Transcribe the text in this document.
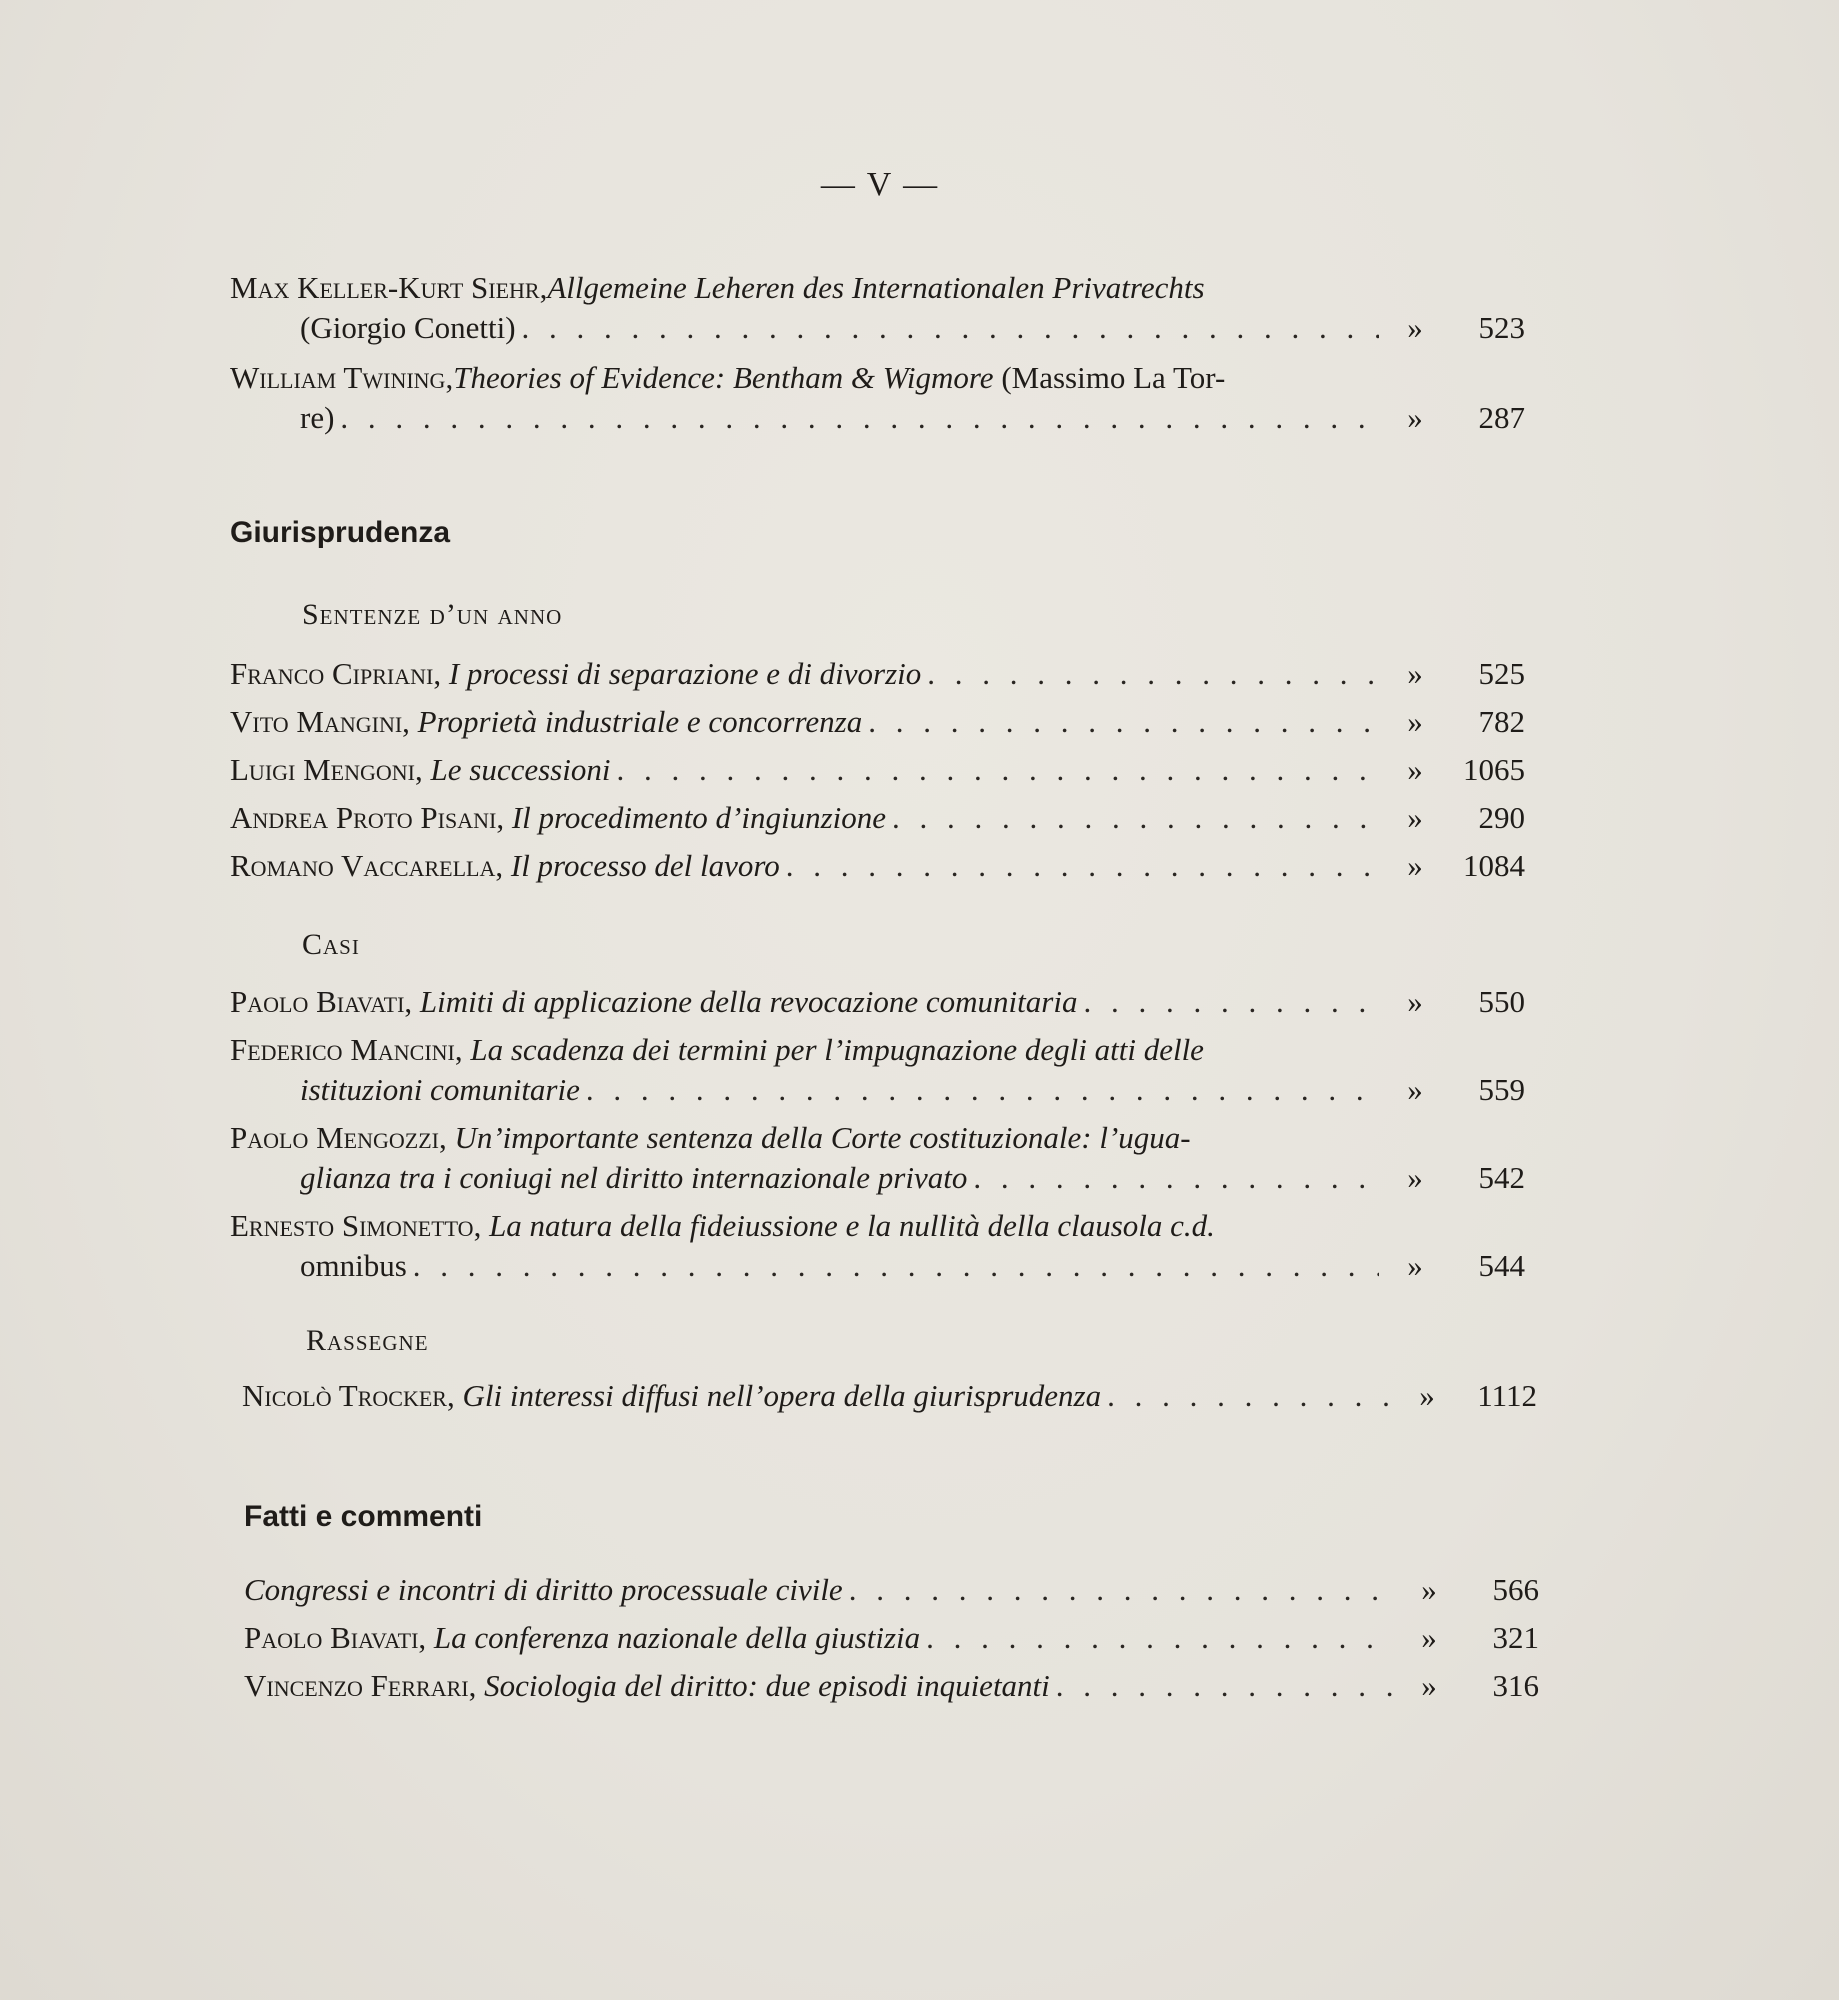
— V —
Max Keller-Kurt Siehr , Allgemeine Leheren des Internationalen Privatrechts
(Giorgio Conetti) . . .	»	523
William Twining , Theories of Evidence: Bentham & Wigmore (Massimo La Tor-
re) . . .	»	287
Giurisprudenza
Sentenze d’un anno
Franco Cipriani , I processi di separazione e di divorzio . . .	»	525
Vito Mangini , Proprietà industriale e concorrenza . . .	»	782
Luigi Mengoni , Le successioni . . .	»	1065
Andrea Proto Pisani , Il procedimento d’ingiunzione . . .	»	290
Romano Vaccarella , Il processo del lavoro . . .	»	1084
Casi
Paolo Biavati , Limiti di applicazione della revocazione comunitaria . . .	»	550
Federico Mancini , La scadenza dei termini per l’impugnazione degli atti delle
istituzioni comunitarie . . .	»	559
Paolo Mengozzi , Un’importante sentenza della Corte costituzionale: l’ugua-
glianza tra i coniugi nel diritto internazionale privato . . .	»	542
Ernesto Simonetto , La natura della fideiussione e la nullità della clausola c.d.
omnibus . . .	»	544
Rassegne
Nicolò Trocker , Gli interessi diffusi nell’opera della giurisprudenza . . .	»	1112
Fatti e commenti
Congressi e incontri di diritto processuale civile . . .	»	566
Paolo Biavati , La conferenza nazionale della giustizia . . .	»	321
Vincenzo Ferrari , Sociologia del diritto: due episodi inquietanti . . .	»	316
